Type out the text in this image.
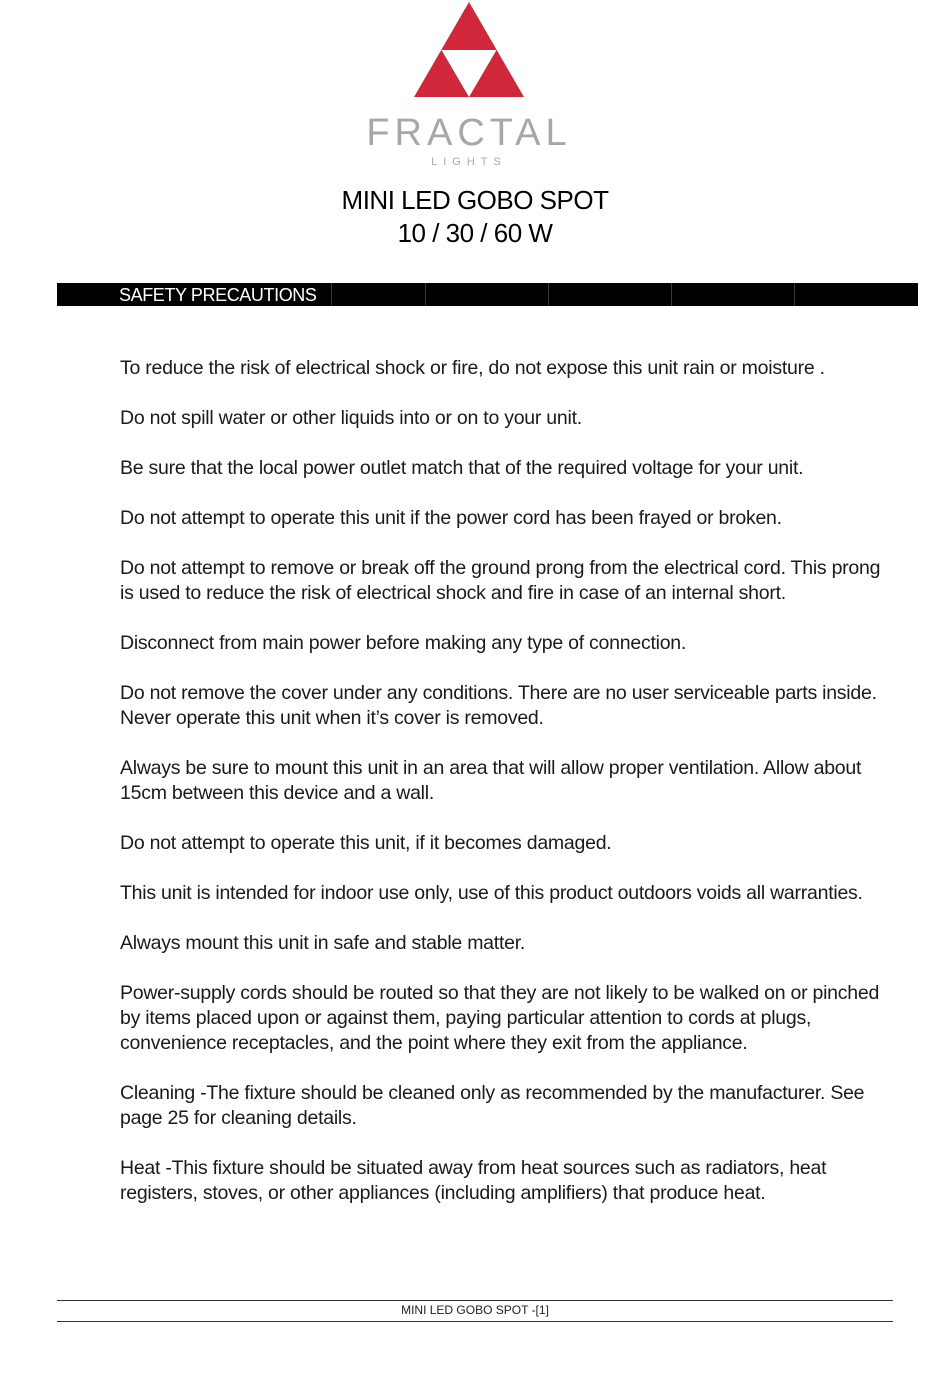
FRACTAL
LIGHTS
MINI LED GOBO SPOT
10 / 30 / 60 W
SAFETY PRECAUTIONS

To reduce the risk of electrical shock or fire, do not expose this unit rain or moisture .

Do not spill water or other liquids into or on to your unit.

Be sure that the local power outlet match that of the required voltage for your unit.

Do not attempt to operate this unit if the power cord has been frayed or broken.

Do not attempt to remove or break off the ground prong from the electrical cord. This prong is used to reduce the risk of electrical shock and fire in case of an internal short.

Disconnect from main power before making any type of connection.

Do not remove the cover under any conditions. There are no user serviceable parts inside. Never operate this unit when it’s cover is removed.

Always be sure to mount this unit in an area that will allow proper ventilation. Allow about  15cm between this device and a wall.

Do not attempt to operate this unit, if it becomes damaged.

This unit is intended for indoor use only, use of this product outdoors voids all warranties.

Always mount this unit in safe and stable matter.

Power-supply cords should be routed so that they are not likely to be walked on or pinched by items placed upon or against them, paying particular attention to cords at plugs, convenience receptacles, and the point where they exit from the appliance.

Cleaning -The fixture should be cleaned only as recommended by the manufacturer. See page 25 for cleaning details.

Heat -This fixture should be situated away from heat sources such as radiators, heat registers, stoves, or other appliances (including amplifiers) that produce heat.

MINI LED GOBO SPOT -[1]
